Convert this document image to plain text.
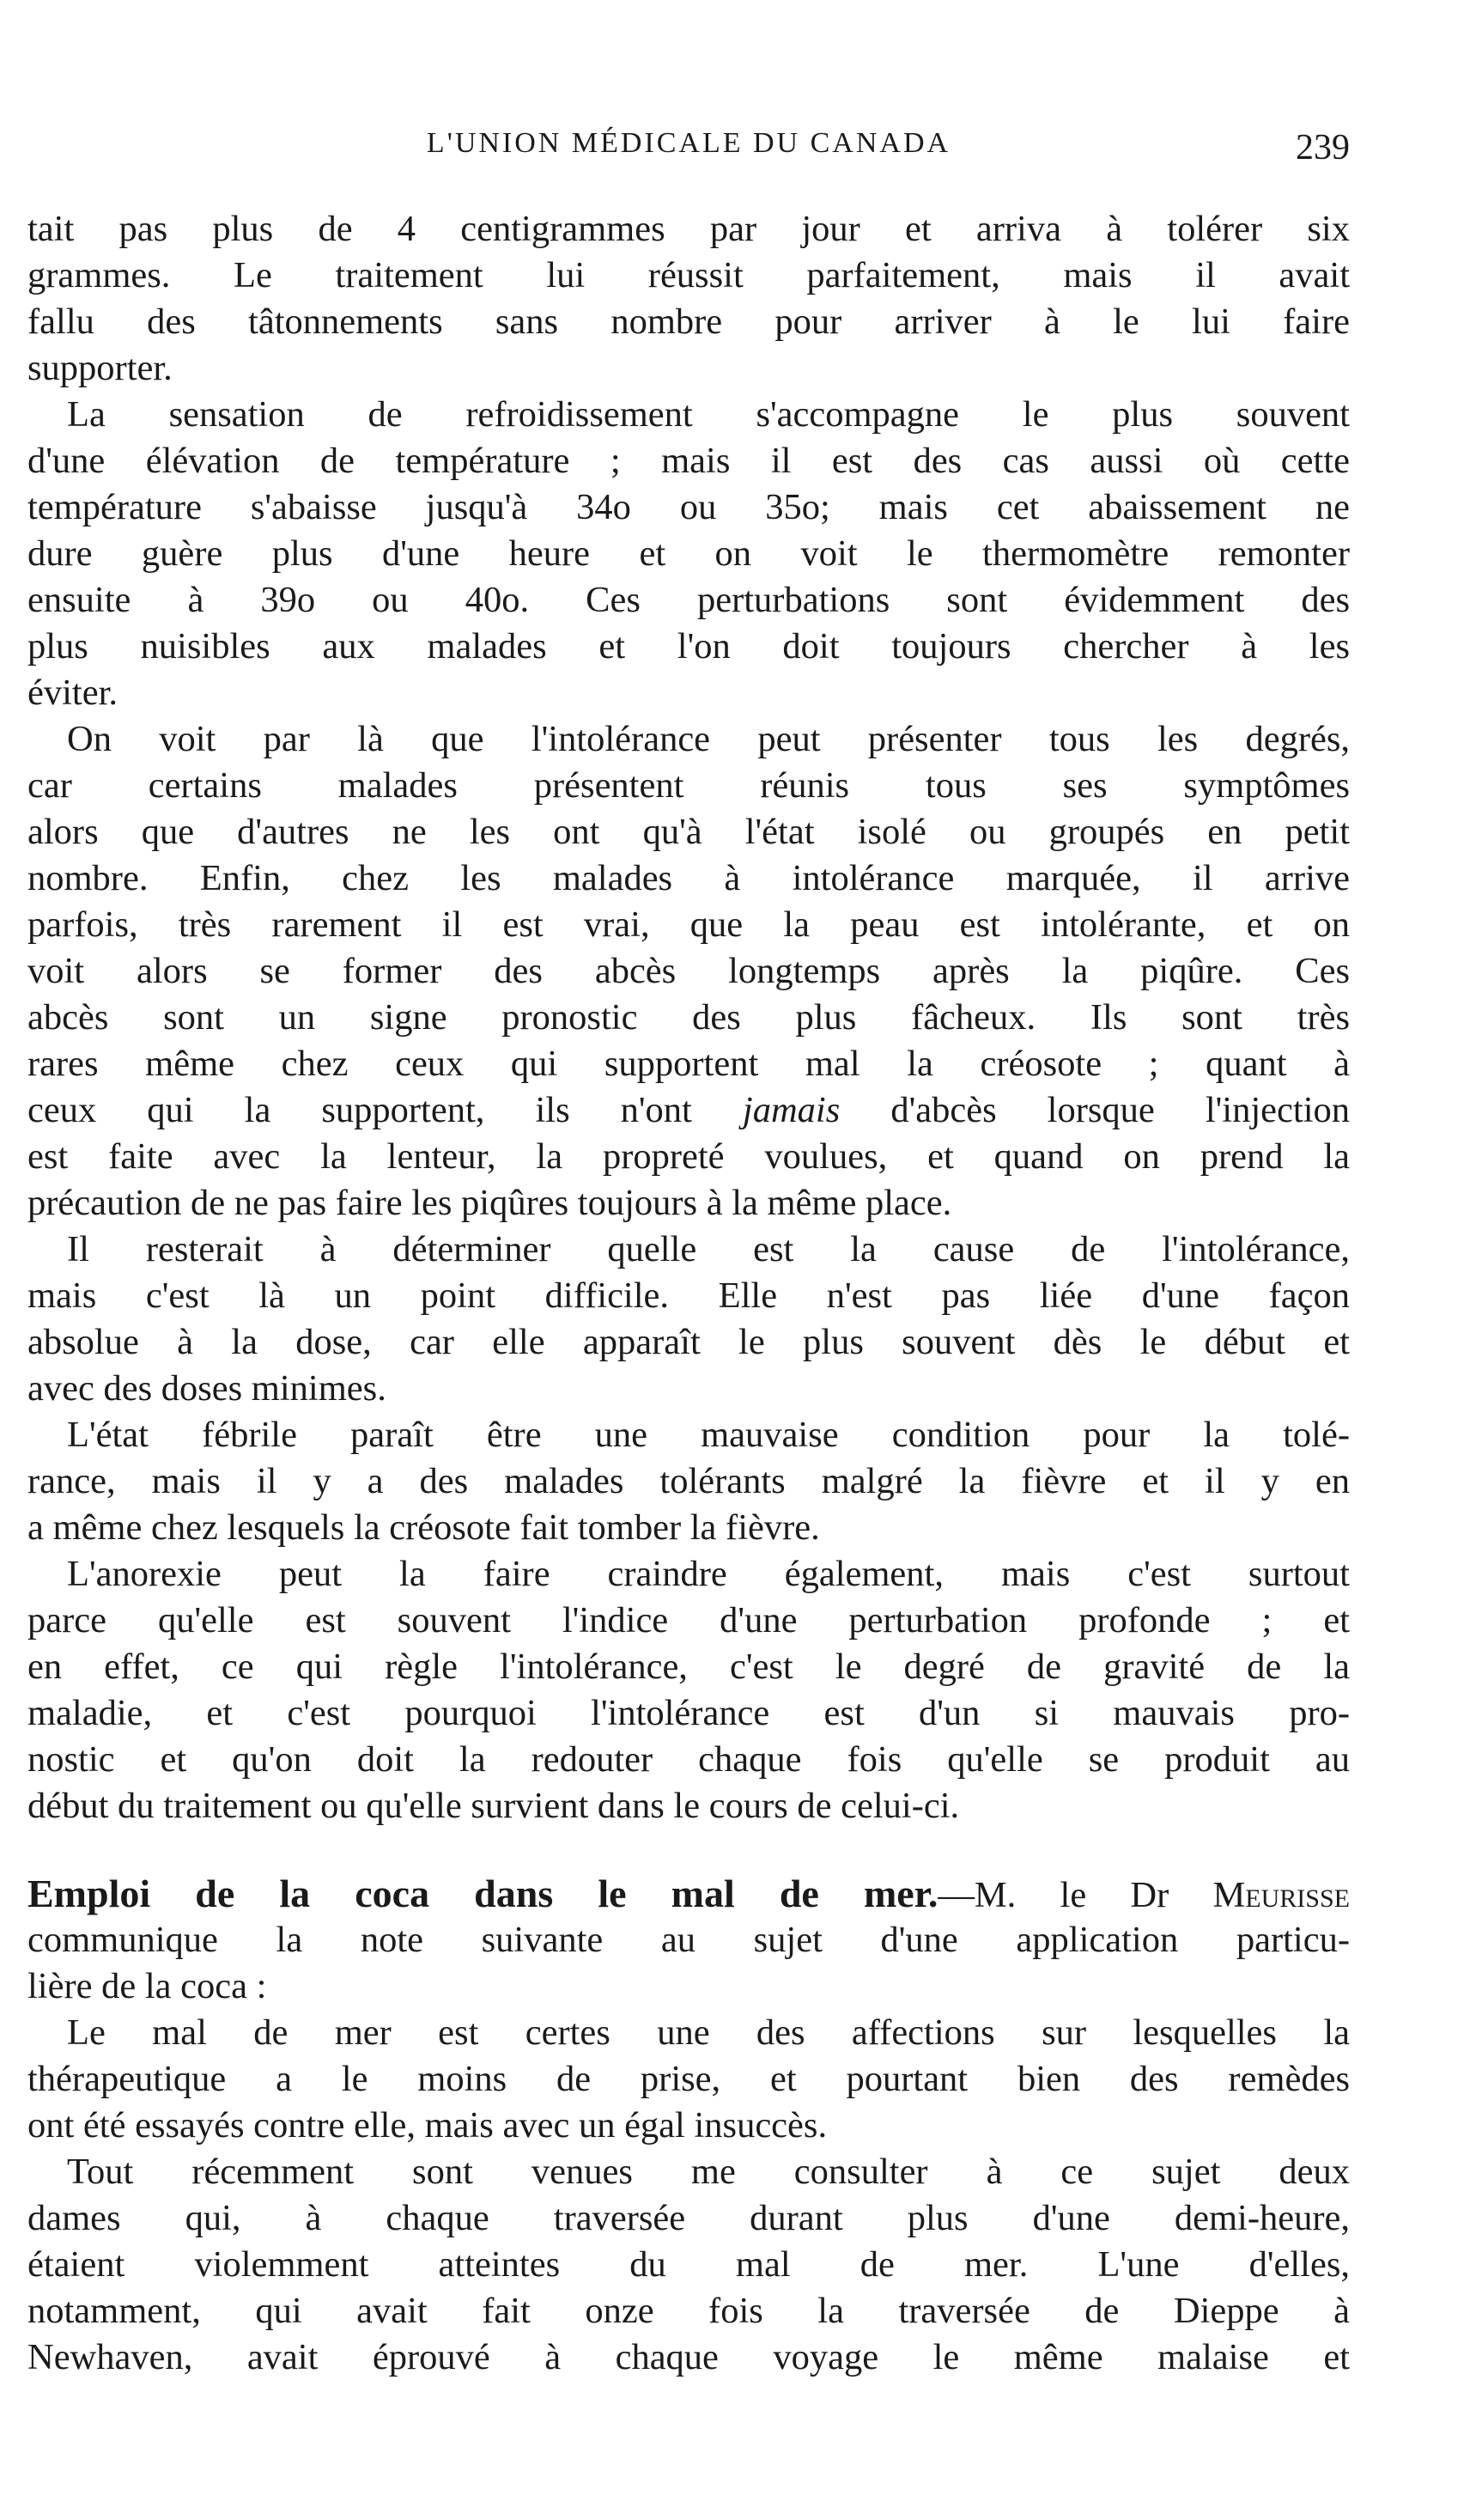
L'UNION MÉDICALE DU CANADA	239
tait pas plus de 4 centigrammes par jour et arriva à tolérer six
grammes. Le traitement lui réussit parfaitement, mais il avait
fallu des tâtonnements sans nombre pour arriver à le lui faire
supporter.
La sensation de refroidissement s'accompagne le plus souvent
d'une élévation de température ; mais il est des cas aussi où cette
température s'abaisse jusqu'à 34o ou 35o; mais cet abaissement ne
dure guère plus d'une heure et on voit le thermomètre remonter
ensuite à 39o ou 40o. Ces perturbations sont évidemment des
plus nuisibles aux malades et l'on doit toujours chercher à les
éviter.
On voit par là que l'intolérance peut présenter tous les degrés,
car certains malades présentent réunis tous ses symptômes
alors que d'autres ne les ont qu'à l'état isolé ou groupés en petit
nombre. Enfin, chez les malades à intolérance marquée, il arrive
parfois, très rarement il est vrai, que la peau est intolérante, et on
voit alors se former des abcès longtemps après la piqûre. Ces
abcès sont un signe pronostic des plus fâcheux. Ils sont très
rares même chez ceux qui supportent mal la créosote ; quant à
ceux qui la supportent, ils n'ont jamais d'abcès lorsque l'injection
est faite avec la lenteur, la propreté voulues, et quand on prend la
précaution de ne pas faire les piqûres toujours à la même place.
Il resterait à déterminer quelle est la cause de l'intolérance,
mais c'est là un point difficile. Elle n'est pas liée d'une façon
absolue à la dose, car elle apparaît le plus souvent dès le début et
avec des doses minimes.
L'état fébrile paraît être une mauvaise condition pour la tolé-
rance, mais il y a des malades tolérants malgré la fièvre et il y en
a même chez lesquels la créosote fait tomber la fièvre.
L'anorexie peut la faire craindre également, mais c'est surtout
parce qu'elle est souvent l'indice d'une perturbation profonde ; et
en effet, ce qui règle l'intolérance, c'est le degré de gravité de la
maladie, et c'est pourquoi l'intolérance est d'un si mauvais pro-
nostic et qu'on doit la redouter chaque fois qu'elle se produit au
début du traitement ou qu'elle survient dans le cours de celui-ci.
Emploi de la coca dans le mal de mer.—M. le Dr Meurisse
communique la note suivante au sujet d'une application particu-
lière de la coca :
Le mal de mer est certes une des affections sur lesquelles la
thérapeutique a le moins de prise, et pourtant bien des remèdes
ont été essayés contre elle, mais avec un égal insuccès.
Tout récemment sont venues me consulter à ce sujet deux
dames qui, à chaque traversée durant plus d'une demi-heure,
étaient violemment atteintes du mal de mer. L'une d'elles,
notamment, qui avait fait onze fois la traversée de Dieppe à
Newhaven, avait éprouvé à chaque voyage le même malaise et
